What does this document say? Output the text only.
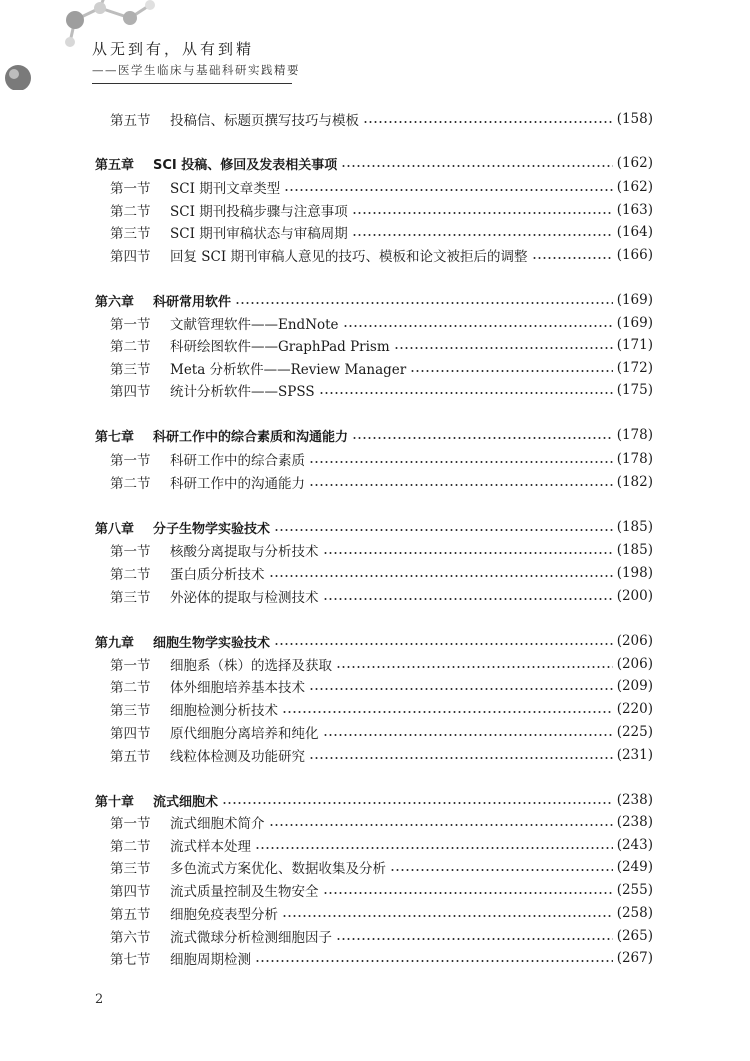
从无到有，从有到精
——医学生临床与基础科研实践精要
第五节	投稿信、标题页撰写技巧与模板	(158)
第五章	SCI 投稿、修回及发表相关事项	(162)
第一节	SCI 期刊文章类型	(162)
第二节	SCI 期刊投稿步骤与注意事项	(163)
第三节	SCI 期刊审稿状态与审稿周期	(164)
第四节	回复 SCI 期刊审稿人意见的技巧、模板和论文被拒后的调整	(166)
第六章	科研常用软件	(169)
第一节	文献管理软件——EndNote	(169)
第二节	科研绘图软件——GraphPad Prism	(171)
第三节	Meta 分析软件——Review Manager	(172)
第四节	统计分析软件——SPSS	(175)
第七章	科研工作中的综合素质和沟通能力	(178)
第一节	科研工作中的综合素质	(178)
第二节	科研工作中的沟通能力	(182)
第八章	分子生物学实验技术	(185)
第一节	核酸分离提取与分析技术	(185)
第二节	蛋白质分析技术	(198)
第三节	外泌体的提取与检测技术	(200)
第九章	细胞生物学实验技术	(206)
第一节	细胞系（株）的选择及获取	(206)
第二节	体外细胞培养基本技术	(209)
第三节	细胞检测分析技术	(220)
第四节	原代细胞分离培养和纯化	(225)
第五节	线粒体检测及功能研究	(231)
第十章	流式细胞术	(238)
第一节	流式细胞术简介	(238)
第二节	流式样本处理	(243)
第三节	多色流式方案优化、数据收集及分析	(249)
第四节	流式质量控制及生物安全	(255)
第五节	细胞免疫表型分析	(258)
第六节	流式微球分析检测细胞因子	(265)
第七节	细胞周期检测	(267)
2
